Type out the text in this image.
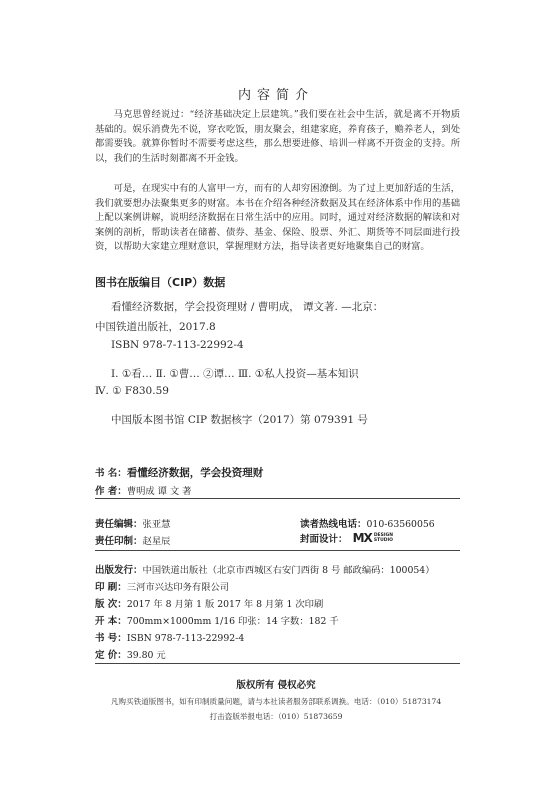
内容简介

马克思曾经说过：“经济基础决定上层建筑。”我们要在社会中生活，就是离不开物质基础的。娱乐消费先不说，穿衣吃饭，朋友聚会，组建家庭，养育孩子，赡养老人，到处都需要钱。就算你暂时不需要考虑这些，那么想要进修、培训一样离不开资金的支持。所以，我们的生活时刻都离不开金钱。

可是，在现实中有的人富甲一方，而有的人却穷困潦倒。为了过上更加舒适的生活，我们就要想办法聚集更多的财富。本书在介绍各种经济数据及其在经济体系中作用的基础上配以案例讲解，说明经济数据在日常生活中的应用。同时，通过对经济数据的解读和对案例的剖析，帮助读者在储蓄、债券、基金、保险、股票、外汇、期货等不同层面进行投资，以帮助大家建立理财意识，掌握理财方法，指导读者更好地聚集自己的财富。

图书在版编目（CIP）数据
看懂经济数据，学会投资理财 / 曹明成， 谭文著. —北京：
中国铁道出版社，2017.8
ISBN 978-7-113-22992-4
Ⅰ. ①看… Ⅱ. ①曹… ②谭… Ⅲ. ①私人投资—基本知识
Ⅳ. ① F830.59
中国版本图书馆 CIP 数据核字（2017）第 079391 号
书 名：看懂经济数据，学会投资理财
作 者：曹明成 谭 文 著
责任编辑：张亚慧	读者热线电话：010-63560056
责任印制：赵星辰	封面设计： MX DESIGN
STUDIO
出版发行：中国铁道出版社（北京市西城区右安门西街 8 号 邮政编码：100054）
印 刷：三河市兴达印务有限公司
版 次：2017 年 8 月第 1 版 2017 年 8 月第 1 次印刷
开 本：700mm×1000mm 1/16 印张：14 字数：182 千
书 号：ISBN 978-7-113-22992-4
定 价：39.80 元
版权所有 侵权必究
凡购买铁道版图书，如有印制质量问题，请与本社读者服务部联系调换。电话：（010）51873174
打击盗版举报电话：（010）51873659
